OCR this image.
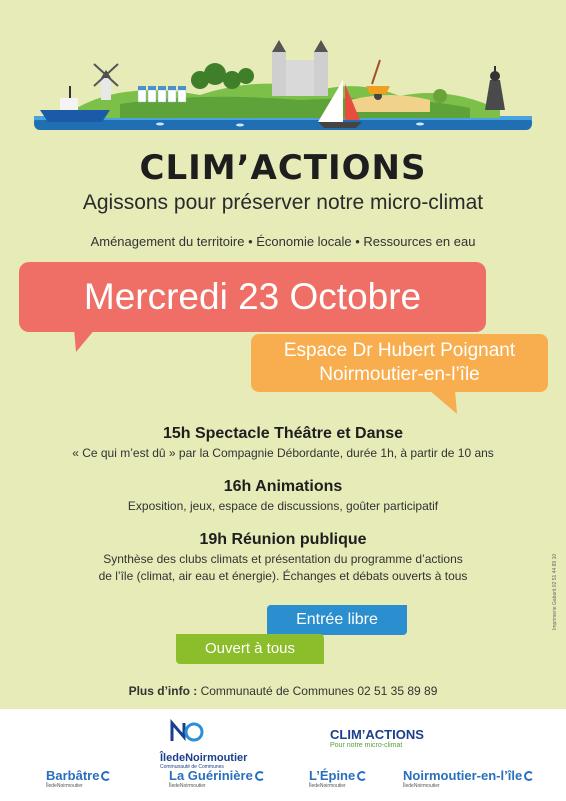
CLIM’ACTIONS
Agissons pour préserver notre micro-climat
Aménagement du territoire • Économie locale • Ressources en eau
Mercredi 23 Octobre
Espace Dr Hubert Poignant
Noirmoutier-en-l’île
15h Spectacle Théâtre et Danse
« Ce qui m’est dû » par la Compagnie Débordante, durée 1h, à partir de 10 ans
16h Animations
Exposition, jeux, espace de discussions, goûter participatif
19h Réunion publique
Synthèse des clubs climats et présentation du programme d’actions
de l’île (climat, air eau et énergie). Échanges et débats ouverts à tous
Entrée libre
Ouvert à tous
Plus d’info : Communauté de Communes 02 51 35 89 89
Imprimerie Gaborit 02 51 44 89 10
ÎledeNoirmoutier
Communauté de Communes
CLIM’ACTIONS
Pour notre micro-climat
Barbâtre
ÎledeNoirmoutier
La Guérinière
ÎledeNoirmoutier
L’Épine
ÎledeNoirmoutier
Noirmoutier-en-l’île
ÎledeNoirmoutier
